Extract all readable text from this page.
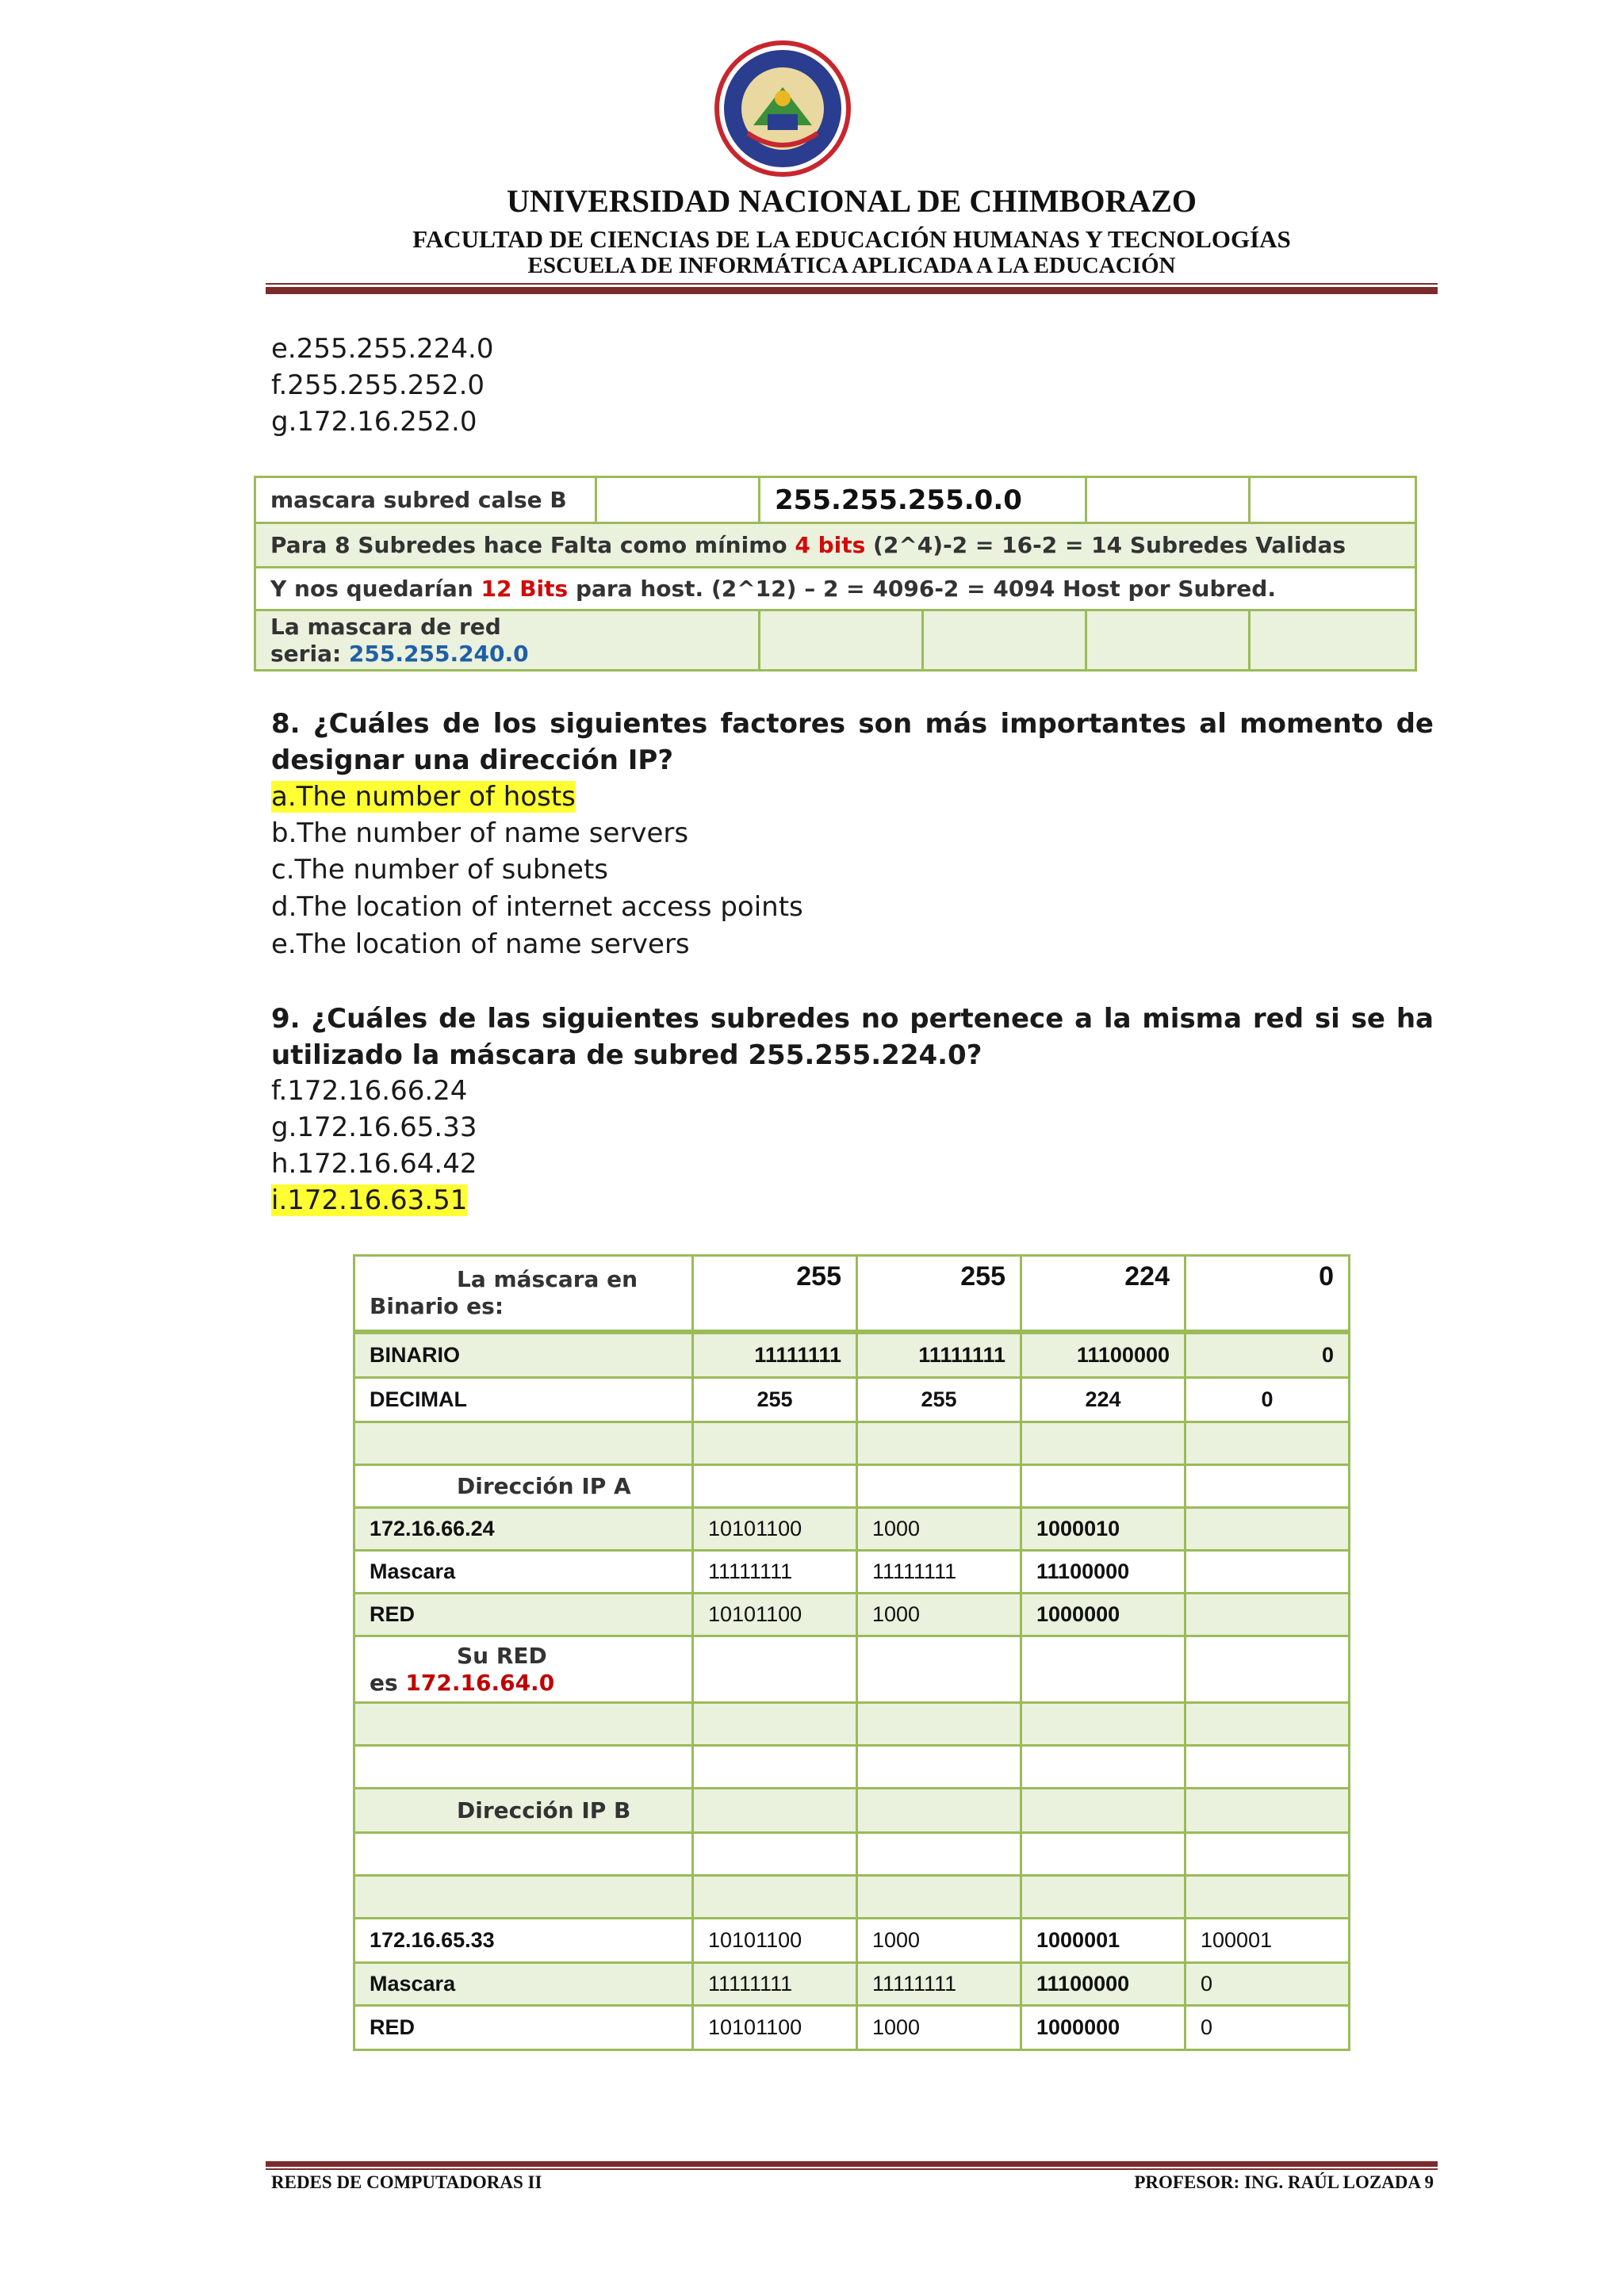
UNIVERSIDAD NACIONAL DE CHIMBORAZO
FACULTAD DE CIENCIAS DE LA EDUCACIÓN HUMANAS Y TECNOLOGÍAS
ESCUELA DE INFORMÁTICA APLICADA A LA EDUCACIÓN
e.255.255.224.0
f.255.255.252.0
g.172.16.252.0
mascara subred calse B		255.255.255.0.0			
Para 8 Subredes hace Falta como mínimo 4 bits (2^4)-2 = 16-2 = 14 Subredes Validas					
Y nos quedarían 12 Bits para host. (2^12) – 2 = 4096-2 = 4094 Host por Subred.					

La mascara de red
seria: 255.255.240.0					

8. ¿Cuáles de los siguientes factores son más importantes al momento de designar una dirección IP?
a.The number of hosts
b.The number of name servers
c.The number of subnets
d.The location of internet access points
e.The location of name servers
9. ¿Cuáles de las siguientes subredes no pertenece a la misma red si se ha utilizado la máscara de subred 255.255.224.0?
f.172.16.66.24
g.172.16.65.33
h.172.16.64.42
i.172.16.63.51
La máscara en
Binario es:	255	255	224	0
BINARIO	11111111	11111111	11100000	0
DECIMAL	255	255	224	0

Dirección IP A				
172.16.66.24	10101100	1000	1000010	
Mascara	11111111	11111111	11100000	
RED	10101100	1000	1000000	

Su RED
es 172.16.64.0				

Dirección IP B				

172.16.65.33	10101100	1000	1000001	100001
Mascara	11111111	11111111	11100000	0
RED	10101100	1000	1000000	0
REDES DE COMPUTADORAS II	PROFESOR: ING. RAÚL LOZADA 9
